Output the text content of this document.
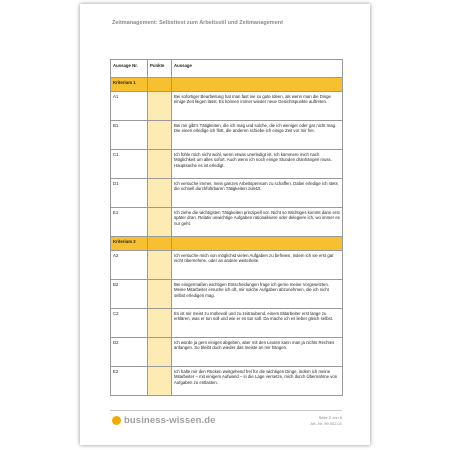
Zeitmanagement: Selbsttest zum Arbeitsstil und Zeitmanagement
Aussage Nr.	Punkte	Aussage
Kriterium 1		
A1		Bei sofortiger Bearbeitung hat man fast nie so gute Ideen, als wenn man die Dinge einige Zeit liegen lässt. Es können immer wieder neue Gesichtspunkte auftreten.
B1		Bei mir gibt's Tätigkeiten, die ich mag und solche, die ich weniger oder gar nicht mag. Die einen erledige ich flott, die anderen schiebe ich einige Zeit vor mir her.
C1		Ich fühle mich nicht wohl, wenn etwas unerledigt ist. Ich kümmere mich nach Möglichkeit um alles sofort. Auch wenn ich noch einige Stunden dranhängen muss. Hauptsache es ist erledigt.
D1		Ich versuche immer, mein ganzes Arbeitspensum zu schaffen. Dabei erledige ich stets die schnell durchführbaren Tätigkeiten zuletzt.
E1		Ich ziehe die wichtigsten Tätigkeiten prinzipiell vor. Nicht so Wichtiges kommt dann erst später dran. Relativ unwichtige Aufgaben rationalisiere oder delegiere ich, wo immer es nur geht.
Kriterium 2		
A2		Ich versuche mich von möglichst vielen Aufgaben zu befreien, indem ich sie erst gar nicht übernehme, oder an andere weiterleite.
B2		Bei einigermaßen wichtigen Entscheidungen frage ich gerne meine Vorgesetzten. Meine Mitarbeiter ersuche ich oft, mir solche Aufgaben abzunehmen, die ich nicht selbst erledigen mag.
C2		Es ist mir meist zu mühevoll und zu zeitraubend, einem Mitarbeiter erst lange zu erklären, was er tun soll und wie er es tun soll. Da mache ich es lieber gleich selbst.
D2		Ich würde ja gern einiges abgeben, aber mit den Leuten kann man ja nichts Rechtes anfangen. So bleibt doch wieder das meiste an mir hängen.
E2		Ich halte mir den Rücken weitgehend frei für die wichtigen Dinge, indem ich meine Mitarbeiter – mit einigem Aufwand – in die Lage versetze, mich durch Übernahme von Aufgaben zu entlasten.
business-wissen.de	Seite 2 von 6
Art.-Nr. 99.002.01
